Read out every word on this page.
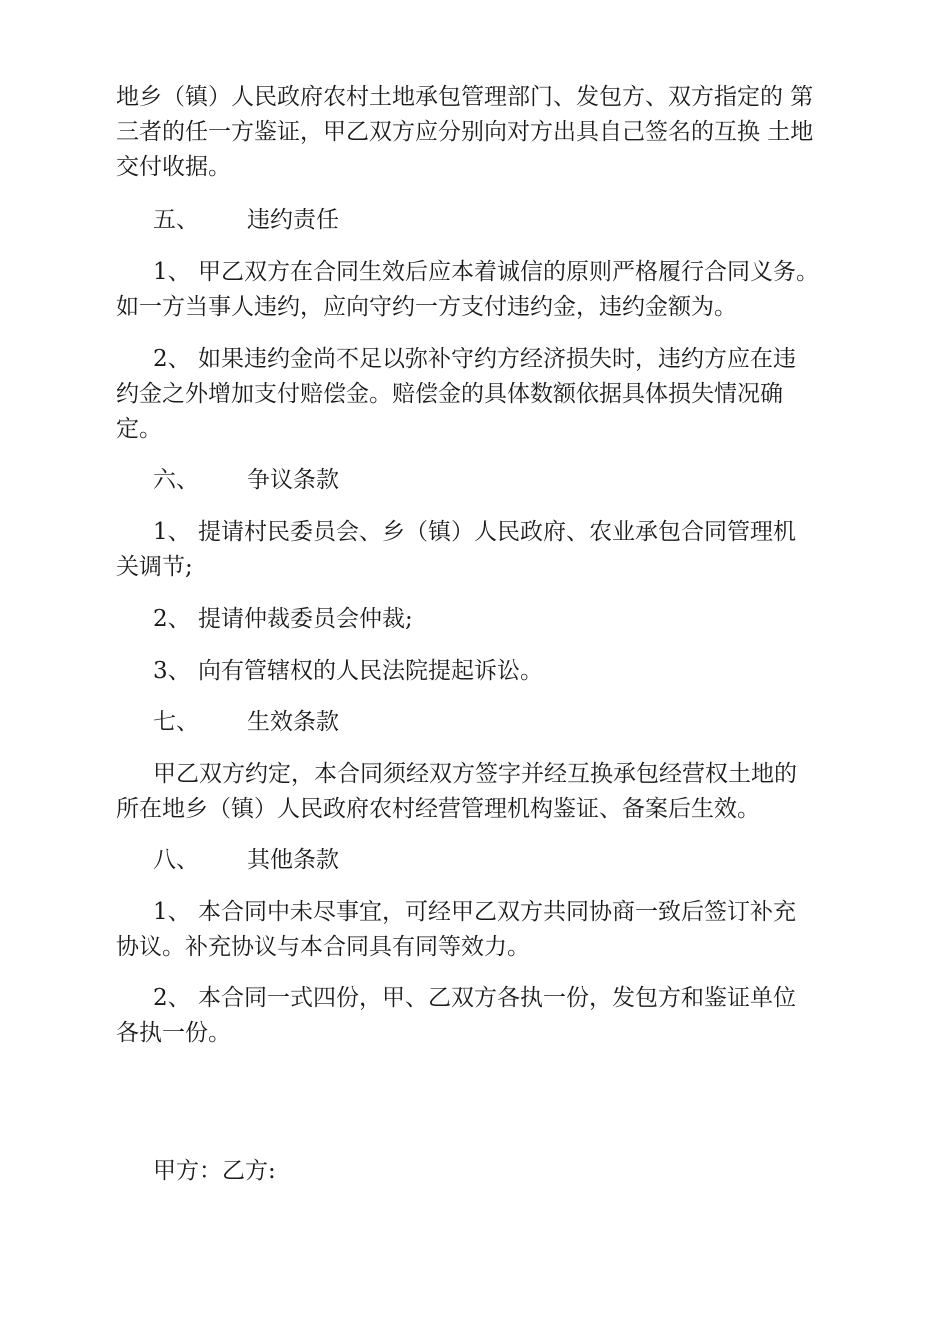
地乡（镇）人民政府农村土地承包管理部门、发包方、双方指定的 第
三者的任一方鉴证，甲乙双方应分别向对方出具自己签名的互换 土地
交付收据。
五、 违约责任
1、 甲乙双方在合同生效后应本着诚信的原则严格履行合同义务。
如一方当事人违约，应向守约一方支付违约金，违约金额为。
2、 如果违约金尚不足以弥补守约方经济损失时，违约方应在违
约金之外增加支付赔偿金。赔偿金的具体数额依据具体损失情况确
定。
六、 争议条款
1、 提请村民委员会、乡（镇）人民政府、农业承包合同管理机
关调节;
2、 提请仲裁委员会仲裁;
3、 向有管辖权的人民法院提起诉讼。
七、 生效条款
甲乙双方约定，本合同须经双方签字并经互换承包经营权土地的
所在地乡（镇）人民政府农村经营管理机构鉴证、备案后生效。
八、 其他条款
1、 本合同中未尽事宜，可经甲乙双方共同协商一致后签订补充
协议。补充协议与本合同具有同等效力。
2、 本合同一式四份，甲、乙双方各执一份，发包方和鉴证单位
各执一份。
甲方：乙方:
